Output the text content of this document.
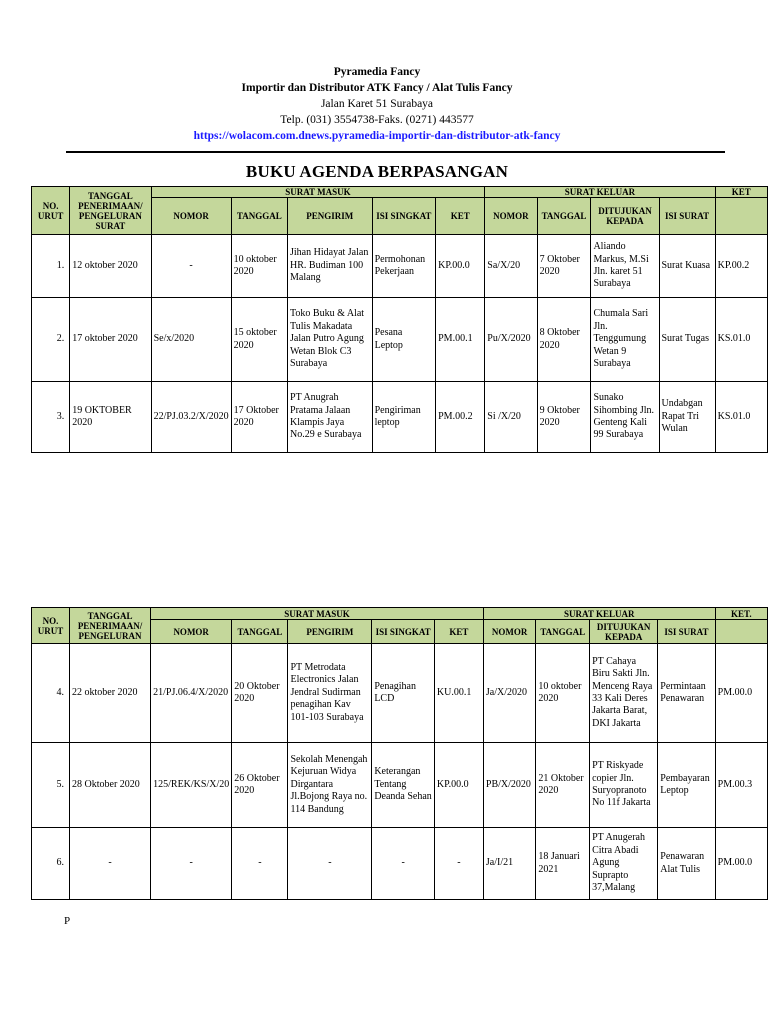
Pyramedia Fancy
Importir dan Distributor ATK Fancy / Alat Tulis Fancy
Jalan Karet 51 Surabaya
Telp. (031) 3554738-Faks. (0271) 443577
https://wolacom.com.dnews.pyramedia-importir-dan-distributor-atk-fancy
BUKU AGENDA BERPASANGAN
NO. URUT	TANGGAL PENERIMAAN/ PENGELURAN SURAT	SURAT MASUK					SURAT KELUAR				KET
		NOMOR	TANGGAL	PENGIRIM	ISI SINGKAT	KET	NOMOR	TANGGAL	DITUJUKAN KEPADA	ISI SURAT	
1.	12 oktober 2020	-	10 oktober 2020	Jihan Hidayat Jalan HR. Budiman 100 Malang	Permohonan Pekerjaan	KP.00.0	Sa/X/20	7 Oktober 2020	Aliando Markus, M.Si Jln. karet 51 Surabaya	Surat Kuasa	KP.00.2
2.	17 oktober 2020	Se/x/2020	15 oktober 2020	Toko Buku & Alat Tulis Makadata Jalan Putro Agung Wetan Blok C3 Surabaya	Pesana Leptop	PM.00.1	Pu/X/2020	8 Oktober 2020	Chumala Sari Jln. Tenggumung Wetan 9 Surabaya	Surat Tugas	KS.01.0
3.	19 OKTOBER 2020	22/PJ.03.2/X/2020	17 Oktober 2020	PT Anugrah Pratama Jalaan Klampis Jaya No.29 e Surabaya	Pengiriman leptop	PM.00.2	Si /X/20	9 Oktober 2020	Sunako Sihombing Jln. Genteng Kali 99 Surabaya	Undabgan Rapat Tri Wulan	KS.01.0
NO. URUT	TANGGAL PENERIMAAN/ PENGELURAN	SURAT MASUK					SURAT KELUAR				KET.
		NOMOR	TANGGAL	PENGIRIM	ISI SINGKAT	KET	NOMOR	TANGGAL	DITUJUKAN KEPADA	ISI SURAT	
4.	22 oktober 2020	21/PJ.06.4/X/2020	20 Oktober 2020	PT Metrodata Electronics Jalan Jendral Sudirman penagihan Kav 101-103 Surabaya	Penagihan LCD	KU.00.1	Ja/X/2020	10 oktober 2020	PT Cahaya Biru Sakti Jln. Menceng Raya 33 Kali Deres Jakarta Barat, DKI Jakarta	Permintaan Penawaran	PM.00.0
5.	28 Oktober 2020	125/REK/KS/X/20	26 Oktober 2020	Sekolah Menengah Kejuruan Widya Dirgantara Jl.Bojong Raya no. 114 Bandung	Keterangan Tentang Deanda Sehan	KP.00.0	PB/X/2020	21 Oktober 2020	PT Riskyade copier Jln. Suryopranoto No 11f Jakarta	Pembayaran Leptop	PM.00.3
6.	-	-	-	-	-	-	Ja/I/21	18 Januari 2021	PT Anugerah Citra Abadi Agung Suprapto 37,Malang	Penawaran Alat Tulis	PM.00.0
P
